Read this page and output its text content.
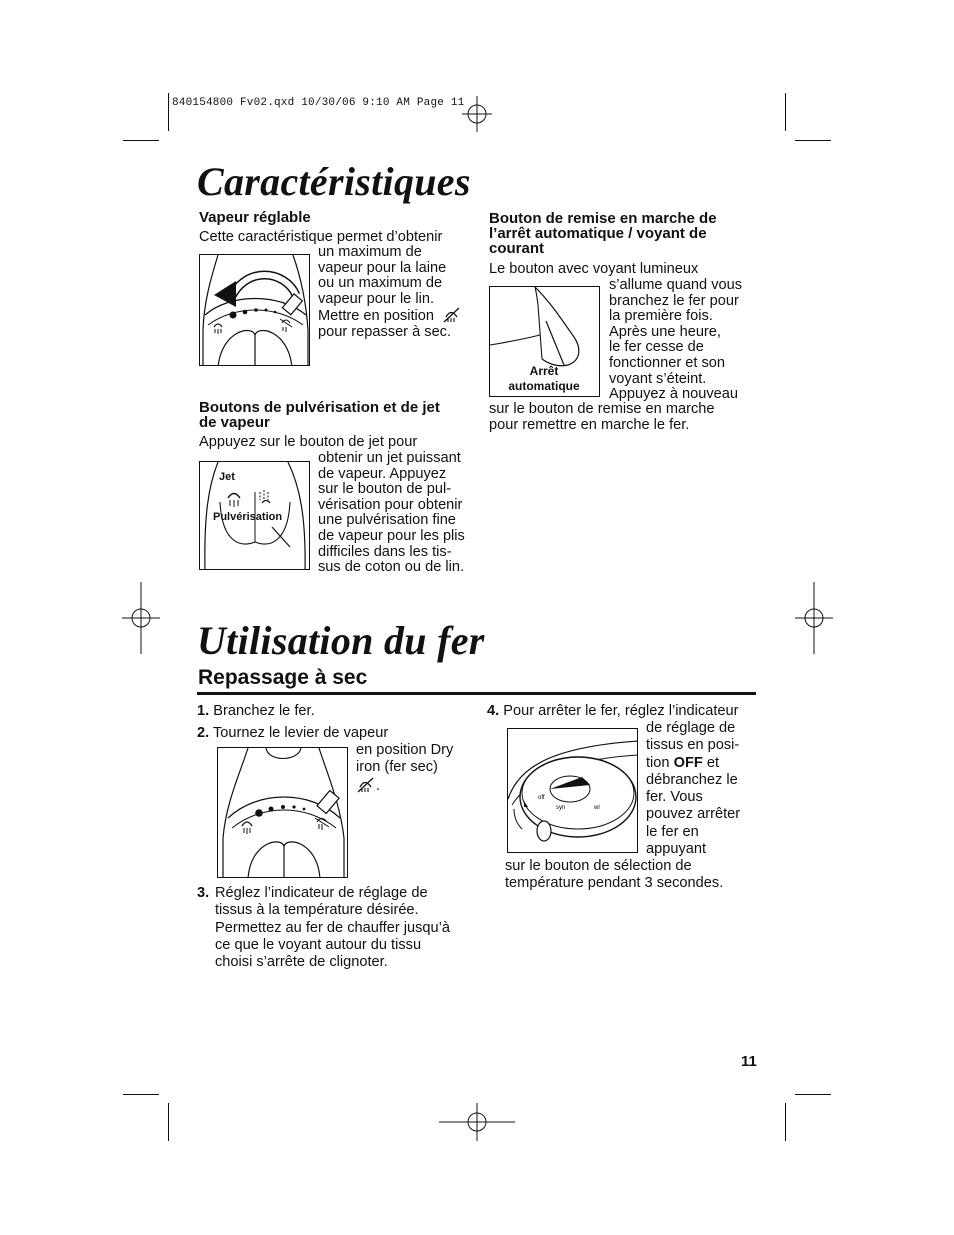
840154800 Fv02.qxd 10/30/06 9:10 AM Page 11
Caractéristiques
Vapeur réglable
Cette caractéristique permet d’obtenir
un maximum de
vapeur pour la laine
ou un maximum de
vapeur pour le lin.
Mettre en position
pour repasser à sec.
Boutons de pulvérisation et de jet
de vapeur
Appuyez sur le bouton de jet pour
Jet
Pulvérisation
obtenir un jet puissant
de vapeur. Appuyez
sur le bouton de pul-
vérisation pour obtenir
une pulvérisation fine
de vapeur pour les plis
difficiles dans les tis-
sus de coton ou de lin.
Bouton de remise en marche de
l’arrêt automatique / voyant de
courant
Le bouton avec voyant lumineux
Arrêt
automatique
s’allume quand vous
branchez le fer pour
la première fois.
Après une heure,
le fer cesse de
fonctionner et son
voyant s’éteint.
Appuyez à nouveau
sur le bouton de remise en marche
pour remettre en marche le fer.
Utilisation du fer
Repassage à sec
1. Branchez le fer.
2. Tournez le levier de vapeur
en position Dry
iron (fer sec)
.
3. Réglez l’indicateur de réglage de
tissus à la température désirée.
Permettez au fer de chauffer jusqu’à
ce que le voyant autour du tissu
choisi s’arrête de clignoter.
4. Pour arrêter le fer, réglez l’indicateur
off
syn	wl
de réglage de
tissus en posi-
tion OFF et
débranchez le
fer. Vous
pouvez arrêter
le fer en
appuyant
sur le bouton de sélection de
température pendant 3 secondes.
11
